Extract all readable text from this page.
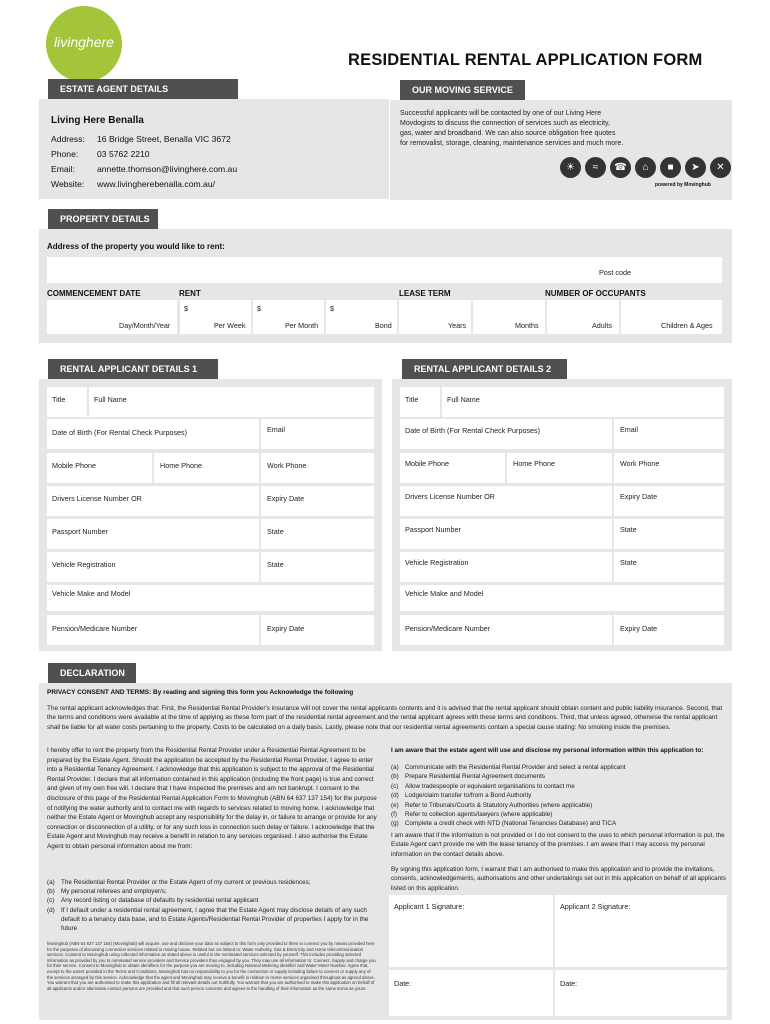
livinghere
RESIDENTIAL RENTAL APPLICATION FORM
ESTATE AGENT DETAILS
Living Here Benalla
Address: 16 Bridge Street, Benalla VIC 3672
Phone: 03 5762 2210
Email:	annette.thomson@livinghere.com.au
Website: www.livingherebenalla.com.au/
OUR MOVING SERVICE
Successful applicants will be contacted by one of our Living Here
Movdogists to discuss the connection of services such as electricity,
gas, water and broadband. We can also source obligation free quotes
for removalist, storage, cleaning, maintenance services and much more.
☀	≈	☎	⌂	■	➤	✕
powered by Movinghub
PROPERTY DETAILS
Address of the property you would like to rent:
Post code
COMMENCEMENT DATE	RENT	LEASE TERM	NUMBER OF OCCUPANTS
$	$	$
Day/Month/Year	Per Week	Per Month	Bond	Years	Months	Adults	Children & Ages
RENTAL APPLICANT DETAILS 1
Title	Full Name
Date of Birth (For Rental Check Purposes)	Email
Mobile Phone	Home Phone	Work Phone
Drivers License Number OR	Expiry Date
Passport Number	State
Vehicle Registration	State
Vehicle Make and Model
Pension/Medicare Number	Expiry Date
RENTAL APPLICANT DETAILS 2
Title	Full Name
Date of Birth (For Rental Check Purposes)	Email
Mobile Phone	Home Phone	Work Phone
Drivers License Number OR	Expiry Date
Passport Number	State
Vehicle Registration	State
Vehicle Make and Model
Pension/Medicare Number	Expiry Date
DECLARATION
PRIVACY CONSENT AND TERMS: By reading and signing this form you Acknowledge the following
The rental applicant acknowledges that: First, the Residential Rental Provider's insurance will not cover the rental applicants contents and it is advised that the rental applicant should obtain content and public liability insurance. Second, that the terms and conditions were available at the time of applying as these form part of the residential rental agreement and the rental applicant agrees with these terms and conditions. Third, that unless agreed, otherwise the rental applicant shall be liable for all water costs pertaining to the property. Costs to be calculated on a daily basis. Lastly, please note that our residential rental agreements contain a special cause stating: No smoking inside the premises.
I hereby offer to rent the property from the Residential Rental Provider under a Residential Rental Agreement to be prepared by the Estate Agent. Should the application be accepted by the Residential Rental Provider, I agree to enter into a Residential Tenancy Agreement. I acknowledge that this application is subject to the approval of the Residential Rental Provider. I declare that all information contained in this application (including the front page) is true and correct and given of my own free will. I declare that I have inspected the premises and am not bankrupt. I consent to the disclosure of this page of the Residential Rental Application Form to Movinghub (ABN 64 637 137 154) for the purpose of notifying the water authority and to contact me with regards to services related to moving home. I acknowledge that neither the Estate Agent or Movinghub accept any responsibility for the delay in, or failure to arrange or provide for any connection or disconnection of a utility, or for any such loss in connection such delay or failure. I acknowledge that the Estate Agent and Movinghub may receive a benefit in relation to any services organised. I also authorise the Estate Agent to obtain personal information about me from:
(a) The Residential Rental Provider or the Estate Agent of my current or previous residences;
(b) My personal referees and employer/s;
(c) Any record listing or database of defaults by residential rental applicant
(d) If I default under a residential rental agreement, I agree that the Estate Agent may disclose details of any such default to a tenancy data base, and to Estate Agents/Residential Rental Provider of properties I apply for in the future
Movinghub (ABN 64 637 137 154) (Movinghub) will acquire, use and disclose your data as subject to this form only provided to them to connect you by means provided here for the purposes of discussing connection services related to moving house. Related but not limited to: Water Authority, Gas & Electricity and Home telecommunication services. Consent to Movinghub using collected information as stated above is useful in the nominated services selected by yourself. This includes providing selected information as provided by you to nominated service providers and Service providers thus engaged by you. They may use all information to: Connect, Supply and charge you for their service. Consent to Movinghub to obtain identifiers for the purpose you are moving to, including National Metering identifier and Water Meter Number. Agree that, except to the extent provided in the Terms and Conditions, Movinghub has no responsibility to you for the connection or supply including failure to connect or supply any of the services arranged by this service. Acknowledge that the agent and Movinghub may receive a benefit in relation to Home services organised throughout as agreed above. You warrant that you are authorised to make this application and fill all relevant details out truthfully. You warrant that you are authorised to make this application on behalf of all applicants and/or alternative contact persons are provided and that such person consents and agrees to the handling of their information as the same terms as yours.
I am aware that the estate agent will use and disclose my personal information within this application to:
(a) Communicate with the Residential Rental Provider and select a rental applicant
(b) Prepare Residential Rental Agreement documents
(c) Allow tradespeople or equivalent organisations to contact me
(d) Lodge/claim transfer to/from a Bond Authority
(e) Refer to Tribunals/Courts & Statutory Authorities (where applicable)
(f) Refer to collection agents/lawyers (where applicable)
(g) Complete a credit check with NTD (National Tenancies Database) and TICA
I am aware that if the information is not provided or I do not consent to the uses to which personal information is put, the Estate Agent can't provide me with the lease tenancy of the premises. I am aware that I may access my personal information on the contact details above.
By signing this application form, I warrant that I am authorised to make this application and to provide the invitations, consents, acknowledgements, authorisations and other undertakings set out in this application on behalf of all applicants listed on this application.
Applicant 1 Signature:	Applicant 2 Signature:
Date:	Date:
